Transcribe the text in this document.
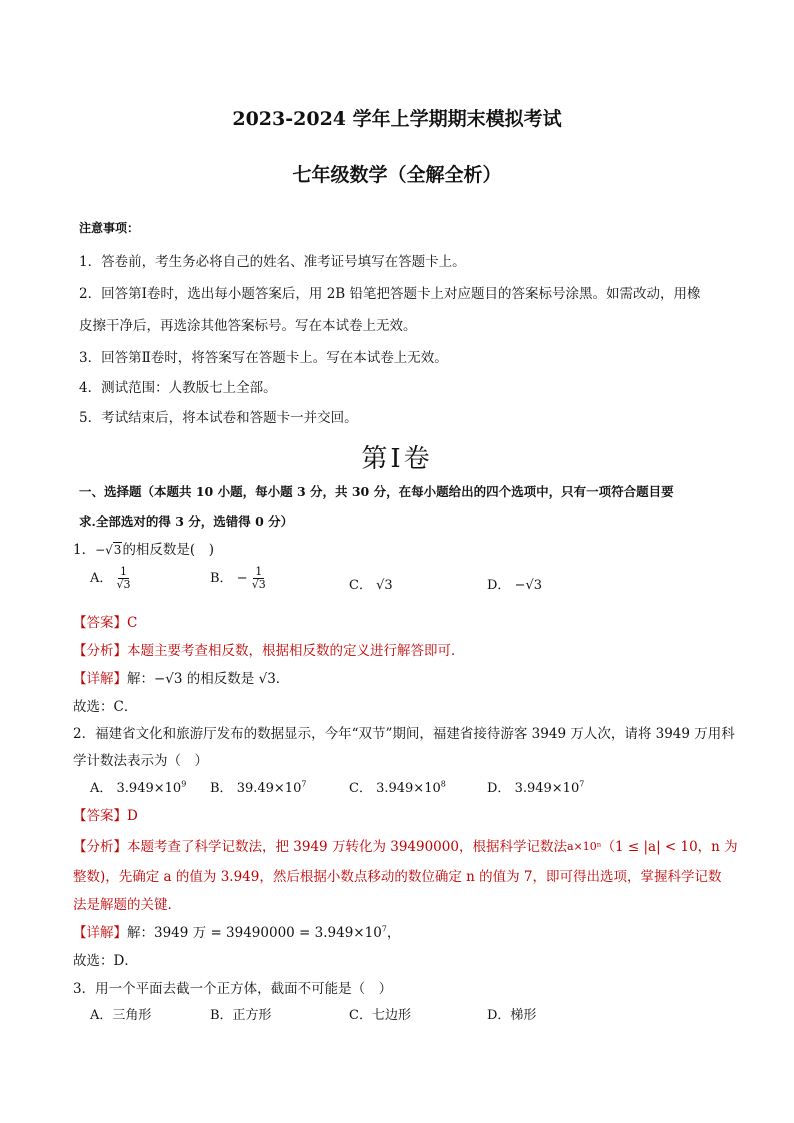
2023-2024 学年上学期期末模拟考试
七年级数学（全解全析）
注意事项：
1．答卷前，考生务必将自己的姓名、准考证号填写在答题卡上。
2．回答第Ⅰ卷时，选出每小题答案后，用 2B 铅笔把答题卡上对应题目的答案标号涂黑。如需改动，用橡
皮擦干净后，再选涂其他答案标号。写在本试卷上无效。
3．回答第Ⅱ卷时，将答案写在答题卡上。写在本试卷上无效。
4．测试范围：人教版七上全部。
5．考试结束后，将本试卷和答题卡一并交回。
第Ⅰ卷
一、选择题（本题共 10 小题，每小题 3 分，共 30 分，在每小题给出的四个选项中，只有一项符合题目要
求.全部选对的得 3 分，选错得 0 分）
1．−√3的相反数是(　)
A． $\frac{1}{√3}$	B． − $\frac{1}{√3}$	C． √3	D． −√3
【答案】C
【分析】本题主要考查相反数，根据相反数的定义进行解答即可．
【详解】解：−√3 的相反数是 √3．
故选：C．
2．福建省文化和旅游厅发布的数据显示，今年“双节”期间，福建省接待游客 3949 万人次，请将 3949 万用科
学计数法表示为（　）
A． $3.949\times 10^9$ B． $39.49\times 10^7$	C． $3.949\times 10^8$	D． $3.949\times 10^7$
【答案】D
【分析】本题考查了科学记数法，把 3949 万转化为 39490000，根据科学记数法 a×10ⁿ （1 ≤ |a| < 10，n 为
整数)，先确定 a 的值为 3.949，然后根据小数点移动的数位确定 n 的值为 7，即可得出选项，掌握科学记数
法是解题的关键．
【详解】解：3949 万 = $39490000 = 3.949\times 10^7$，
故选：D．
3．用一个平面去截一个正方体，截面不可能是（　）
A．三角形	B．正方形	C．七边形	D．梯形
